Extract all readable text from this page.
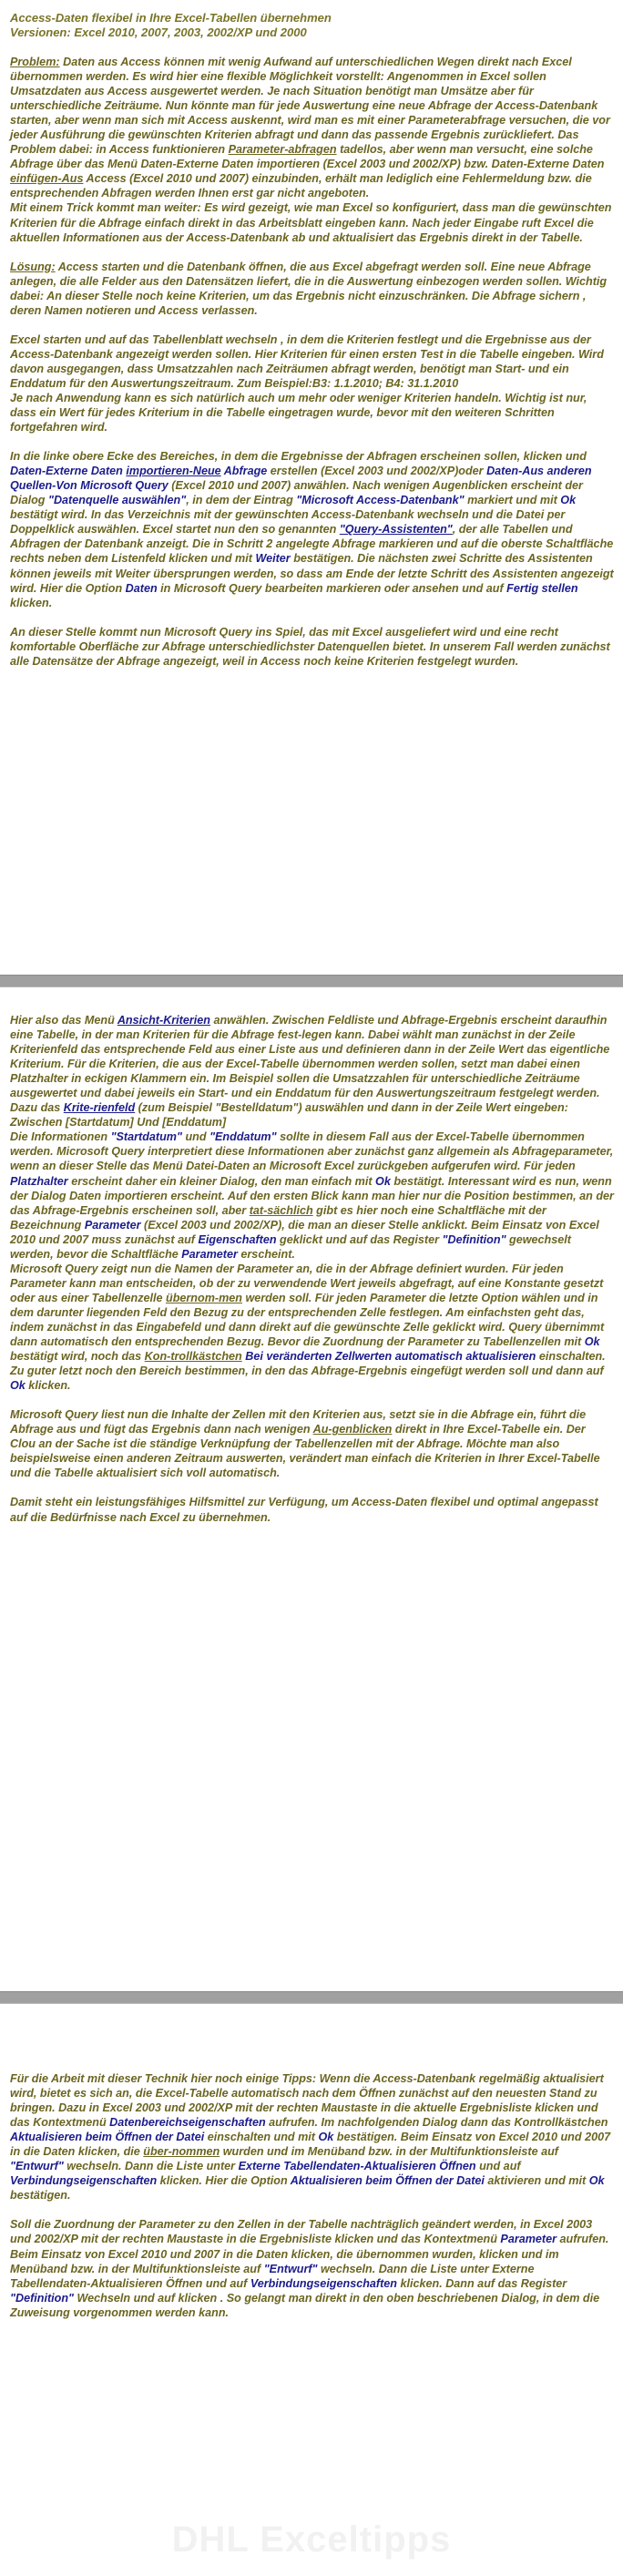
Access-Daten flexibel in Ihre Excel-Tabellen übernehmen
Versionen: Excel 2010, 2007, 2003, 2002/XP und 2000

Problem: Daten aus Access können mit wenig Aufwand auf unterschiedlichen Wegen direkt nach Excel übernommen werden. Es wird hier eine flexible Möglichkeit vorstellt: Angenommen in Excel sollen Umsatzdaten aus Access ausgewertet werden. Je nach Situation benötigt man Umsätze aber für unterschiedliche Zeiträume. Nun könnte man für jede Auswertung eine neue Abfrage der Access-Datenbank starten, aber wenn man sich mit Access auskennt, wird man es mit einer Parameterabfrage versuchen, die vor jeder Ausführung die gewünschten Kriterien abfragt und dann das passende Ergebnis zurückliefert. Das Problem dabei: in Access funktionieren Parameter-abfragen tadellos, aber wenn man versucht, eine solche Abfrage über das Menü Daten-Externe Daten importieren (Excel 2003 und 2002/XP) bzw. Daten-Externe Daten einfügen-Aus Access (Excel 2010 und 2007) einzubinden, erhält man lediglich eine Fehlermeldung bzw. die entsprechenden Abfragen werden Ihnen erst gar nicht angeboten.
Mit einem Trick kommt man weiter: Es wird gezeigt, wie man Excel so konfiguriert, dass man die gewünschten Kriterien für die Abfrage einfach direkt in das Arbeitsblatt eingeben kann. Nach jeder Eingabe ruft Excel die aktuellen Informationen aus der Access-Datenbank ab und aktualisiert das Ergebnis direkt in der Tabelle.

Lösung: Access starten und die Datenbank öffnen, die aus Excel abgefragt werden soll. Eine neue Abfrage anlegen, die alle Felder aus den Datensätzen liefert, die in die Auswertung einbezogen werden sollen. Wichtig dabei: An dieser Stelle noch keine Kriterien, um das Ergebnis nicht einzuschränken. Die Abfrage sichern , deren Namen notieren und Access verlassen.

Excel starten und auf das Tabellenblatt wechseln , in dem die Kriterien festlegt und die Ergebnisse aus der Access-Datenbank angezeigt werden sollen. Hier Kriterien für einen ersten Test in die Tabelle eingeben. Wird davon ausgegangen, dass Umsatzzahlen nach Zeiträumen abfragt werden, benötigt man Start- und ein Enddatum für den Auswertungszeitraum. Zum Beispiel:B3: 1.1.2010; B4: 31.1.2010
Je nach Anwendung kann es sich natürlich auch um mehr oder weniger Kriterien handeln. Wichtig ist nur, dass ein Wert für jedes Kriterium in die Tabelle eingetragen wurde, bevor mit den weiteren Schritten fortgefahren wird.

In die linke obere Ecke des Bereiches, in dem die Ergebnisse der Abfragen erscheinen sollen, klicken und Daten-Externe Daten importieren-Neue Abfrage erstellen (Excel 2003 und 2002/XP)oder Daten-Aus anderen Quellen-Von Microsoft Query (Excel 2010 und 2007) anwählen. Nach wenigen Augenblicken erscheint der Dialog "Datenquelle auswählen", in dem der Eintrag "Microsoft Access-Datenbank" markiert und mit Ok bestätigt wird. In das Verzeichnis mit der gewünschten Access-Datenbank wechseln und die Datei per Doppelklick auswählen. Excel startet nun den so genannten "Query-Assistenten", der alle Tabellen und Abfragen der Datenbank anzeigt. Die in Schritt 2 angelegte Abfrage markieren und auf die oberste Schaltfläche rechts neben dem Listenfeld klicken und mit Weiter bestätigen. Die nächsten zwei Schritte des Assistenten können jeweils mit Weiter übersprungen werden, so dass am Ende der letzte Schritt des Assistenten angezeigt wird. Hier die Option Daten in Microsoft Query bearbeiten markieren oder ansehen und auf Fertig stellen klicken.

An dieser Stelle kommt nun Microsoft Query ins Spiel, das mit Excel ausgeliefert wird und eine recht komfortable Oberfläche zur Abfrage unterschiedlichster Datenquellen bietet. In unserem Fall werden zunächst alle Datensätze der Abfrage angezeigt, weil in Access noch keine Kriterien festgelegt wurden.

Hier also das Menü Ansicht-Kriterien anwählen. Zwischen Feldliste und Abfrage-Ergebnis erscheint daraufhin eine Tabelle, in der man Kriterien für die Abfrage fest-legen kann. Dabei wählt man zunächst in der Zeile Kriterienfeld das entsprechende Feld aus einer Liste aus und definieren dann in der Zeile Wert das eigentliche Kriterium. Für die Kriterien, die aus der Excel-Tabelle übernommen werden sollen, setzt man dabei einen Platzhalter in eckigen Klammern ein. Im Beispiel sollen die Umsatzzahlen für unterschiedliche Zeiträume ausgewertet und dabei jeweils ein Start- und ein Enddatum für den Auswertungszeitraum festgelegt werden. Dazu das Krite-rienfeld (zum Beispiel "Bestelldatum") auswählen und dann in der Zeile Wert eingeben: Zwischen [Startdatum] Und [Enddatum]
Die Informationen "Startdatum" und "Enddatum" sollte in diesem Fall aus der Excel-Tabelle übernommen werden. Microsoft Query interpretiert diese Informationen aber zunächst ganz allgemein als Abfrageparameter, wenn an dieser Stelle das Menü Datei-Daten an Microsoft Excel zurückgeben aufgerufen wird. Für jeden Platzhalter erscheint daher ein kleiner Dialog, den man einfach mit Ok bestätigt. Interessant wird es nun, wenn der Dialog Daten importieren erscheint. Auf den ersten Blick kann man hier nur die Position bestimmen, an der das Abfrage-Ergebnis erscheinen soll, aber tat-sächlich gibt es hier noch eine Schaltfläche mit der Bezeichnung Parameter (Excel 2003 und 2002/XP), die man an dieser Stelle anklickt. Beim Einsatz von Excel 2010 und 2007 muss zunächst auf Eigenschaften geklickt und auf das Register "Definition" gewechselt werden, bevor die Schaltfläche Parameter erscheint.
Microsoft Query zeigt nun die Namen der Parameter an, die in der Abfrage definiert wurden. Für jeden Parameter kann man entscheiden, ob der zu verwendende Wert jeweils abgefragt, auf eine Konstante gesetzt oder aus einer Tabellenzelle übernom-men werden soll. Für jeden Parameter die letzte Option wählen und in dem darunter liegenden Feld den Bezug zu der entsprechenden Zelle festlegen. Am einfachsten geht das, indem zunächst in das Eingabefeld und dann direkt auf die gewünschte Zelle geklickt wird. Query übernimmt dann automatisch den entsprechenden Bezug. Bevor die Zuordnung der Parameter zu Tabellenzellen mit Ok bestätigt wird, noch das Kon-trollkästchen Bei veränderten Zellwerten automatisch aktualisieren einschalten. Zu guter letzt noch den Bereich bestimmen, in den das Abfrage-Ergebnis eingefügt werden soll und dann auf Ok klicken.

Microsoft Query liest nun die Inhalte der Zellen mit den Kriterien aus, setzt sie in die Abfrage ein, führt die Abfrage aus und fügt das Ergebnis dann nach wenigen Au-genblicken direkt in Ihre Excel-Tabelle ein. Der Clou an der Sache ist die ständige Verknüpfung der Tabellenzellen mit der Abfrage. Möchte man also beispielsweise einen anderen Zeitraum auswerten, verändert man einfach die Kriterien in Ihrer Excel-Tabelle und die Tabelle aktualisiert sich voll automatisch.

Damit steht ein leistungsfähiges Hilfsmittel zur Verfügung, um Access-Daten flexibel und optimal angepasst auf die Bedürfnisse nach Excel zu übernehmen.

Für die Arbeit mit dieser Technik hier noch einige Tipps: Wenn die Access-Datenbank regelmäßig aktualisiert wird, bietet es sich an, die Excel-Tabelle automatisch nach dem Öffnen zunächst auf den neuesten Stand zu bringen. Dazu in Excel 2003 und 2002/XP mit der rechten Maustaste in die aktuelle Ergebnisliste klicken und das Kontextmenü Datenbereichseigenschaften aufrufen. Im nachfolgenden Dialog dann das Kontrollkästchen Aktualisieren beim Öffnen der Datei einschalten und mit Ok bestätigen. Beim Einsatz von Excel 2010 und 2007 in die Daten klicken, die über-nommen wurden und im Menüband bzw. in der Multifunktionsleiste auf "Entwurf" wechseln. Dann die Liste unter Externe Tabellendaten-Aktualisieren Öffnen und auf Verbindungseigenschaften klicken. Hier die Option Aktualisieren beim Öffnen der Datei aktivieren und mit Ok bestätigen.

Soll die Zuordnung der Parameter zu den Zellen in der Tabelle nachträglich geändert werden, in Excel 2003 und 2002/XP mit der rechten Maustaste in die Ergebnisliste klicken und das Kontextmenü Parameter aufrufen. Beim Einsatz von Excel 2010 und 2007 in die Daten klicken, die übernommen wurden, klicken und im Menüband bzw. in der Multifunktionsleiste auf "Entwurf" wechseln. Dann die Liste unter Externe Tabellendaten-Aktualisieren Öffnen und auf Verbindungseigenschaften klicken. Dann auf das Register "Definition" Wechseln und auf klicken . So gelangt man direkt in den oben beschriebenen Dialog, in dem die Zuweisung vorgenommen werden kann.

DHL Exceltipps
